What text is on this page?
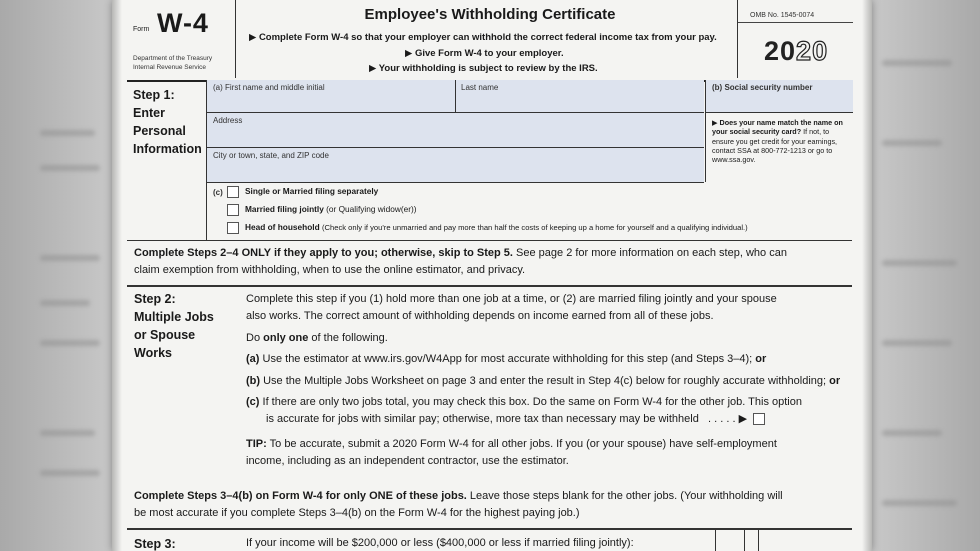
Form W-4
Department of the Treasury
Internal Revenue Service
Employee's Withholding Certificate
▶ Complete Form W-4 so that your employer can withhold the correct federal income tax from your pay.
▶ Give Form W-4 to your employer.
▶ Your withholding is subject to review by the IRS.
OMB No. 1545-0074
2020
Step 1:
Enter
Personal
Information
(a) First name and middle initial	Last name
Address
City or town, state, and ZIP code
(b) Social security number
▶ Does your name match the name on your social security card? If not, to ensure you get credit for your earnings, contact SSA at 800-772-1213 or go to www.ssa.gov.
(c)	Single or Married filing separately
Married filing jointly (or Qualifying widow(er))
Head of household (Check only if you're unmarried and pay more than half the costs of keeping up a home for yourself and a qualifying individual.)
Complete Steps 2–4 ONLY if they apply to you; otherwise, skip to Step 5. See page 2 for more information on each step, who can
claim exemption from withholding, when to use the online estimator, and privacy.
Step 2:
Multiple Jobs
or Spouse
Works
Complete this step if you (1) hold more than one job at a time, or (2) are married filing jointly and your spouse
also works. The correct amount of withholding depends on income earned from all of these jobs.
Do only one of the following.
(a) Use the estimator at www.irs.gov/W4App for most accurate withholding for this step (and Steps 3–4); or
(b) Use the Multiple Jobs Worksheet on page 3 and enter the result in Step 4(c) below for roughly accurate withholding; or
(c) If there are only two jobs total, you may check this box. Do the same on Form W-4 for the other job. This option
is accurate for jobs with similar pay; otherwise, more tax than necessary may be withheld . . . . . ▶
TIP: To be accurate, submit a 2020 Form W-4 for all other jobs. If you (or your spouse) have self-employment
income, including as an independent contractor, use the estimator.
Complete Steps 3–4(b) on Form W-4 for only ONE of these jobs. Leave those steps blank for the other jobs. (Your withholding will
be most accurate if you complete Steps 3–4(b) on the Form W-4 for the highest paying job.)
Step 3:	If your income will be $200,000 or less ($400,000 or less if married filing jointly):
